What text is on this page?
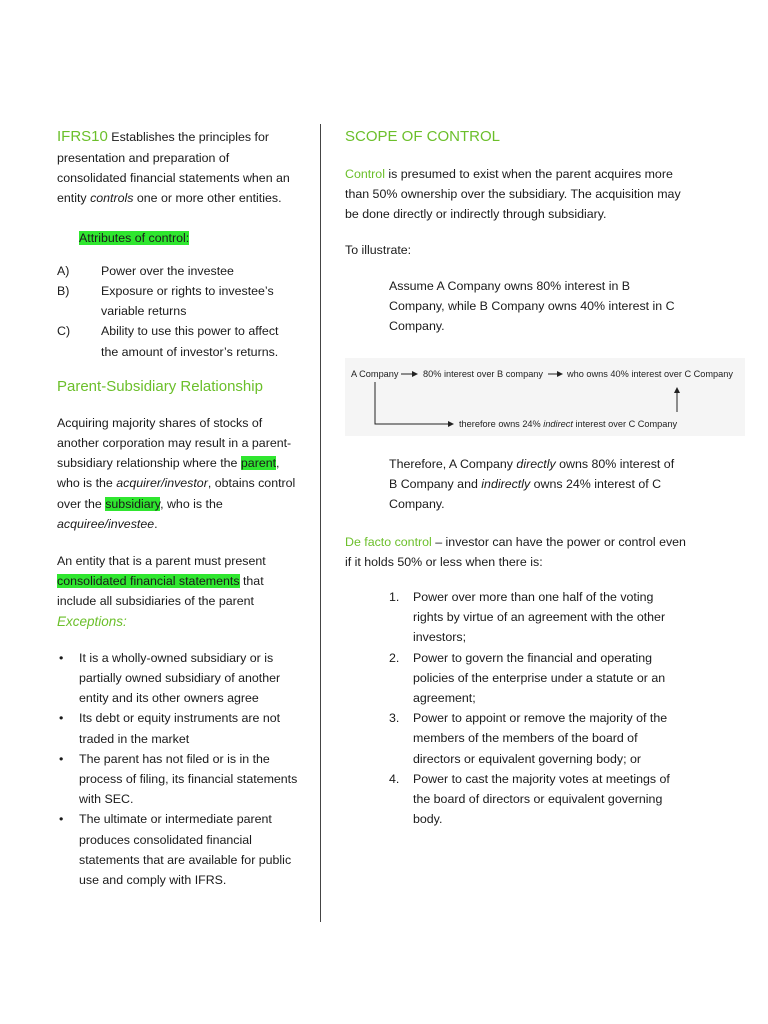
IFRS10 Establishes the principles for presentation and preparation of consolidated financial statements when an entity controls one or more other entities.

Attributes of control:

A)	Power over the investee
B)	Exposure or rights to investee’s variable returns
C) Ability to use this power to affect the amount of investor’s returns.

Parent-Subsidiary Relationship

Acquiring majority shares of stocks of another corporation may result in a parent-subsidiary relationship where the parent, who is the acquirer/investor, obtains control over the subsidiary, who is the acquiree/investee.

An entity that is a parent must present consolidated financial statements that include all subsidiaries of the parent

Exceptions:

• It is a wholly-owned subsidiary or is partially owned subsidiary of another entity and its other owners agree
• Its debt or equity instruments are not traded in the market
• The parent has not filed or is in the process of filing, its financial statements with SEC.
• The ultimate or intermediate parent produces consolidated financial statements that are available for public use and comply with IFRS.

SCOPE OF CONTROL

Control is presumed to exist when the parent acquires more than 50% ownership over the subsidiary. The acquisition may be done directly or indirectly through subsidiary.

To illustrate:

Assume A Company owns 80% interest in B Company, while B Company owns 40% interest in C Company.

A Company	80% interest over B company	who owns 40% interest over C Company
therefore owns 24% indirect interest over C Company

Therefore, A Company directly owns 80% interest of B Company and indirectly owns 24% interest of C Company.

De facto control – investor can have the power or control even if it holds 50% or less when there is:

1. Power over more than one half of the voting rights by virtue of an agreement with the other investors;
2. Power to govern the financial and operating policies of the enterprise under a statute or an agreement;
3. Power to appoint or remove the majority of the members of the members of the board of directors or equivalent governing body; or
4. Power to cast the majority votes at meetings of the board of directors or equivalent governing body.
